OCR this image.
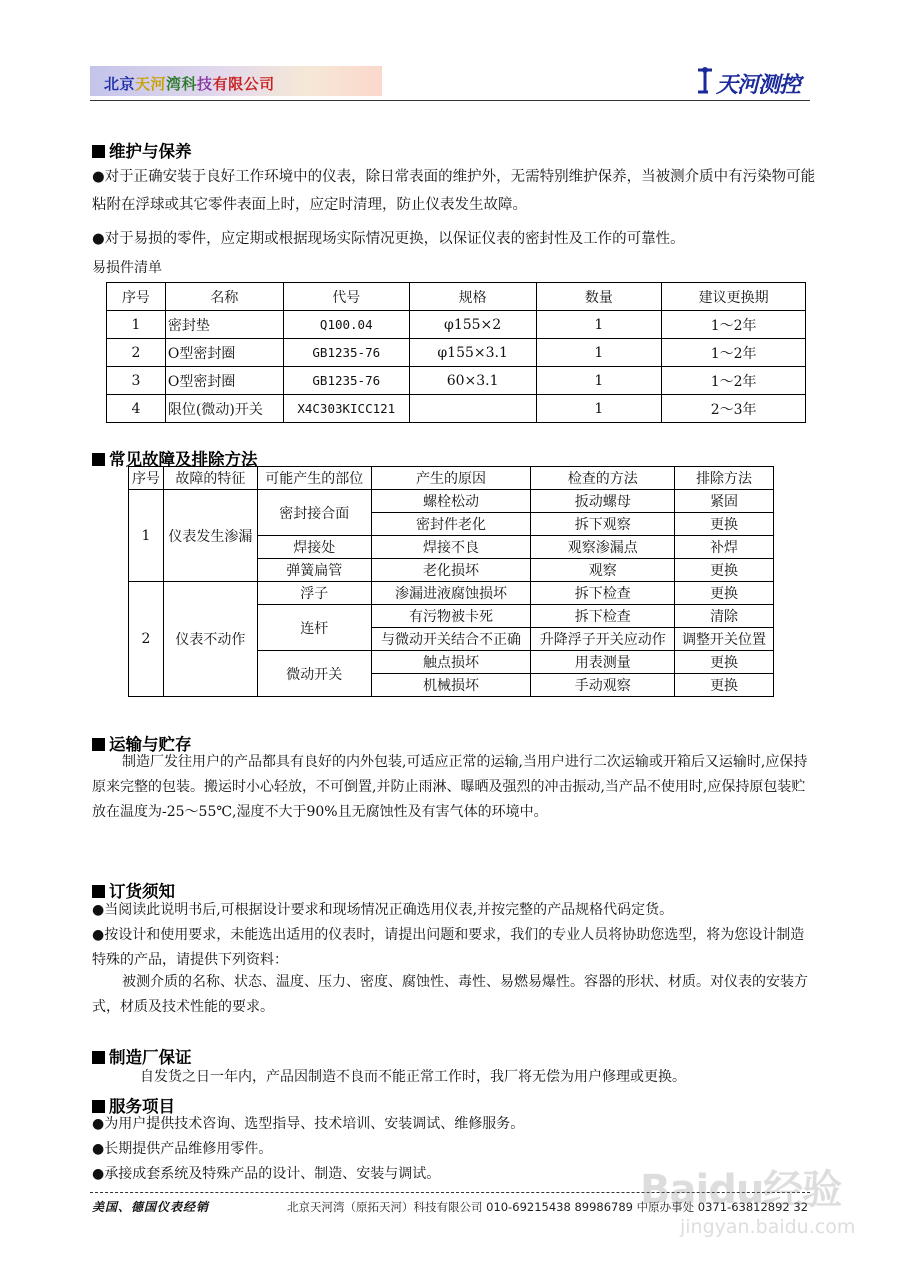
北京天河湾科技有限公司	天河测控
维护与保养
●对于正确安装于良好工作环境中的仪表，除日常表面的维护外，无需特别维护保养，当被测介质中有污染物可能粘附在浮球或其它零件表面上时，应定时清理，防止仪表发生故障。
●对于易损的零件，应定期或根据现场实际情况更换，以保证仪表的密封性及工作的可靠性。
易损件清单
序号	名称	代号	规格	数量	建议更换期
1	密封垫	Q100.04	φ155×2	1	1～2年
2	O型密封圈	GB1235-76	φ155×3.1	1	1～2年
3	O型密封圈	GB1235-76	60×3.1	1	1～2年
4	限位(微动)开关	X4C303KICC121		1	2～3年
常见故障及排除方法
序号	故障的特征	可能产生的部位	产生的原因	检查的方法	排除方法
1	仪表发生渗漏	密封接合面	螺栓松动	扳动螺母	紧固
			密封件老化	拆下观察	更换
		焊接处	焊接不良	观察渗漏点	补焊
		弹簧扁管	老化损坏	观察	更换
2	仪表不动作	浮子	渗漏进液腐蚀损坏	拆下检查	更换
		连杆	有污物被卡死	拆下检查	清除
			与微动开关结合不正确	升降浮子开关应动作	调整开关位置
		微动开关	触点损坏	用表测量	更换
			机械损坏	手动观察	更换
运输与贮存
制造厂发往用户的产品都具有良好的内外包装,可适应正常的运输,当用户进行二次运输或开箱后又运输时,应保持原来完整的包装。搬运时小心轻放，不可倒置,并防止雨淋、曝晒及强烈的冲击振动,当产品不使用时,应保持原包装贮放在温度为-25～55℃,湿度不大于90%且无腐蚀性及有害气体的环境中。
订货须知
●当阅读此说明书后,可根据设计要求和现场情况正确选用仪表,并按完整的产品规格代码定货。
●按设计和使用要求，未能选出适用的仪表时，请提出问题和要求，我们的专业人员将协助您选型，将为您设计制造特殊的产品，请提供下列资料：
被测介质的名称、状态、温度、压力、密度、腐蚀性、毒性、易燃易爆性。容器的形状、材质。对仪表的安装方式，材质及技术性能的要求。
制造厂保证
自发货之日一年内，产品因制造不良而不能正常工作时，我厂将无偿为用户修理或更换。
服务项目
●为用户提供技术咨询、选型指导、技术培训、安装调试、维修服务。
●长期提供产品维修用零件。
●承接成套系统及特殊产品的设计、制造、安装与调试。
美国、德国仪表经销	北京天河湾（原拓天河）科技有限公司 010-69215438 89986789 中原办事处 0371-63812892 32
Baidu经验
jingyan.baidu.com
